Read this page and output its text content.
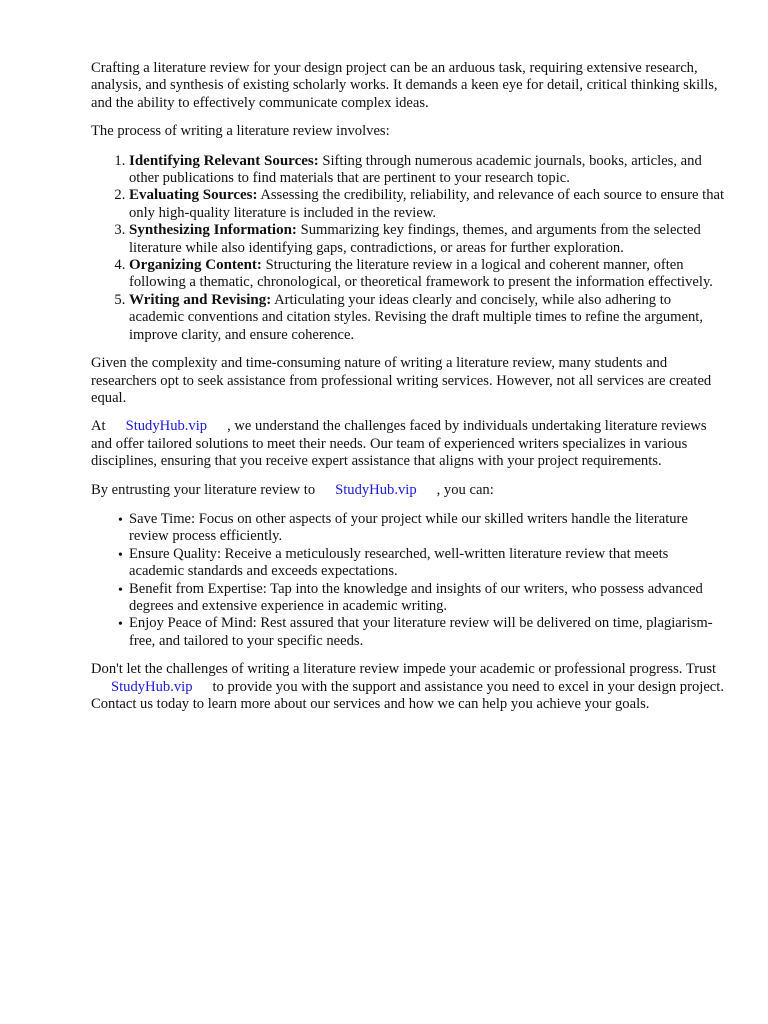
Crafting a literature review for your design project can be an arduous task, requiring extensive research, analysis, and synthesis of existing scholarly works. It demands a keen eye for detail, critical thinking skills, and the ability to effectively communicate complex ideas.

The process of writing a literature review involves:

1. Identifying Relevant Sources: Sifting through numerous academic journals, books, articles, and other publications to find materials that are pertinent to your research topic.
2. Evaluating Sources: Assessing the credibility, reliability, and relevance of each source to ensure that only high-quality literature is included in the review.
3. Synthesizing Information: Summarizing key findings, themes, and arguments from the selected literature while also identifying gaps, contradictions, or areas for further exploration.
4. Organizing Content: Structuring the literature review in a logical and coherent manner, often following a thematic, chronological, or theoretical framework to present the information effectively.
5. Writing and Revising: Articulating your ideas clearly and concisely, while also adhering to academic conventions and citation styles. Revising the draft multiple times to refine the argument, improve clarity, and ensure coherence.

Given the complexity and time-consuming nature of writing a literature review, many students and researchers opt to seek assistance from professional writing services. However, not all services are created equal.

At StudyHub.vip , we understand the challenges faced by individuals undertaking literature reviews and offer tailored solutions to meet their needs. Our team of experienced writers specializes in various disciplines, ensuring that you receive expert assistance that aligns with your project requirements.

By entrusting your literature review to StudyHub.vip , you can:

• Save Time: Focus on other aspects of your project while our skilled writers handle the literature review process efficiently.
• Ensure Quality: Receive a meticulously researched, well-written literature review that meets academic standards and exceeds expectations.
• Benefit from Expertise: Tap into the knowledge and insights of our writers, who possess advanced degrees and extensive experience in academic writing.
• Enjoy Peace of Mind: Rest assured that your literature review will be delivered on time, plagiarism-free, and tailored to your specific needs.

Don't let the challenges of writing a literature review impede your academic or professional progress. TrustStudyHub.vip to provide you with the support and assistance you need to excel in your design project. Contact us today to learn more about our services and how we can help you achieve your goals.
